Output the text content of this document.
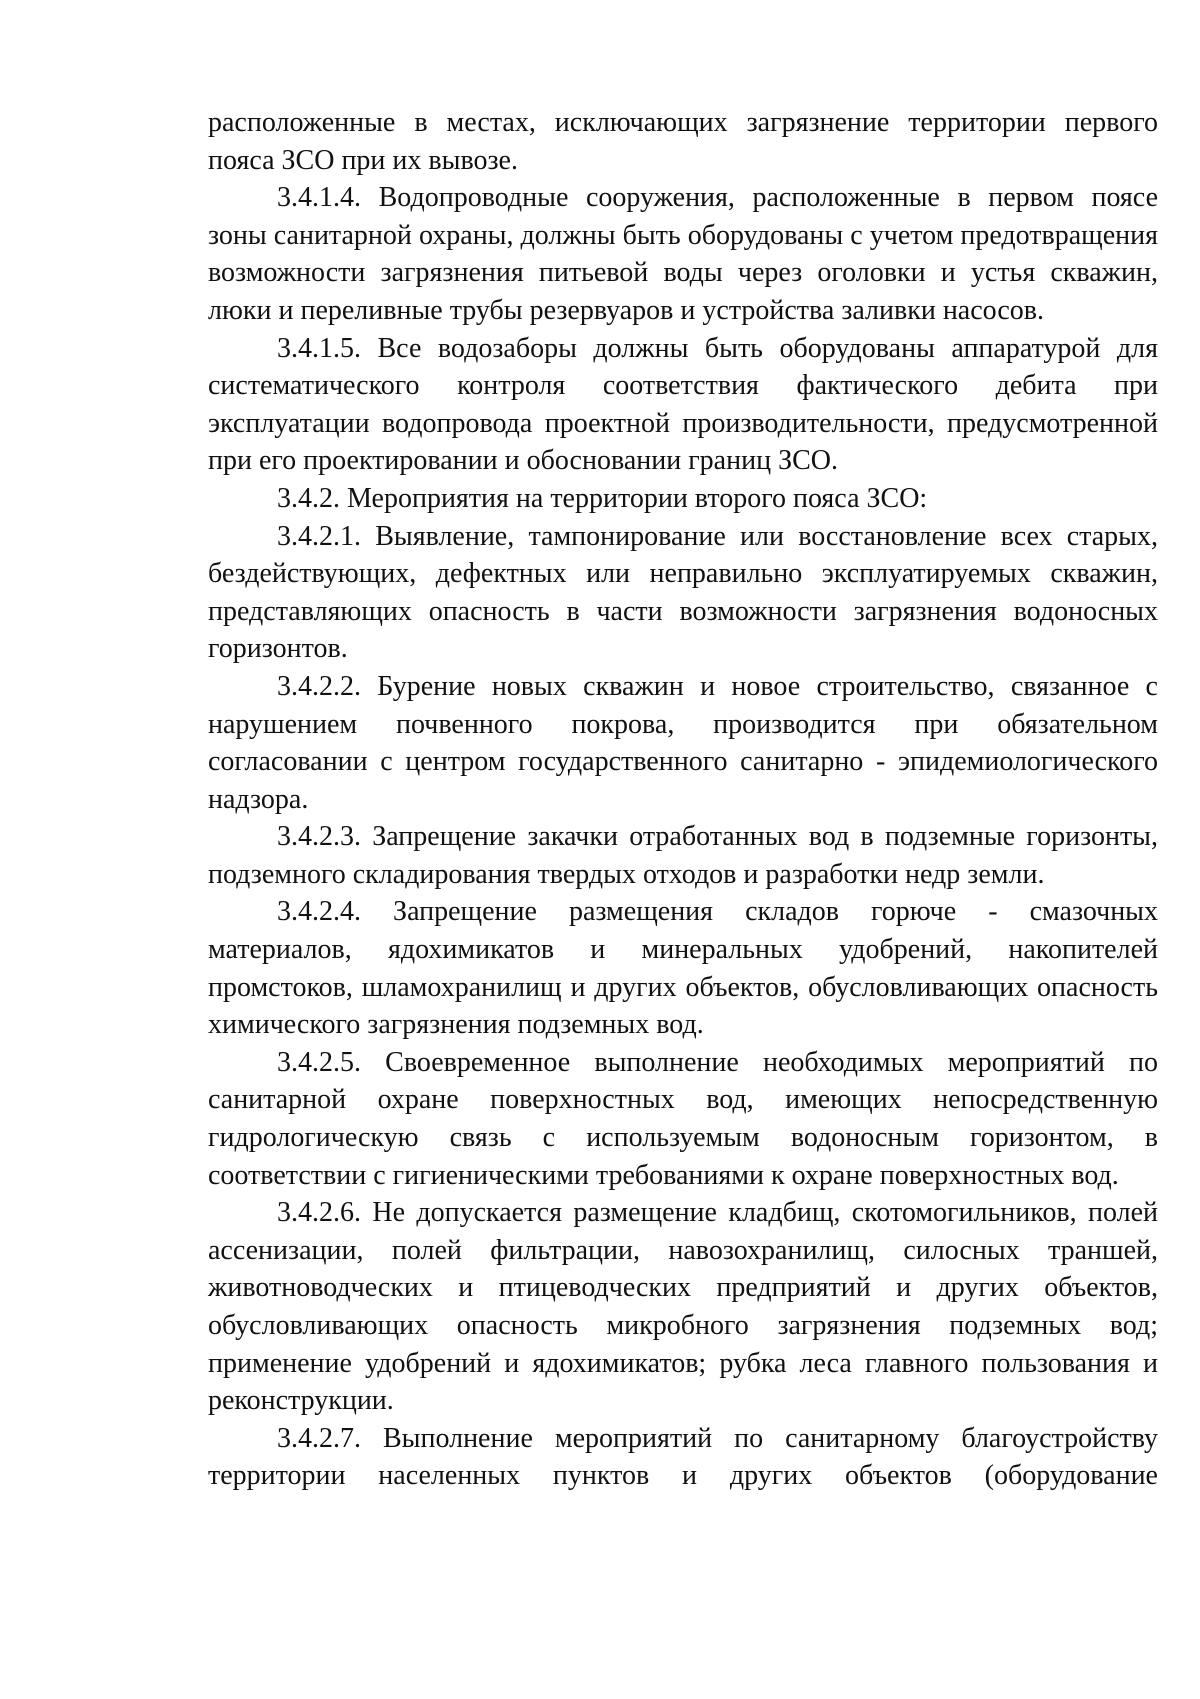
расположенные в местах, исключающих загрязнение территории первого пояса ЗСО при их вывозе.

3.4.1.4. Водопроводные сооружения, расположенные в первом поясе зоны санитарной охраны, должны быть оборудованы с учетом предотвращения возможности загрязнения питьевой воды через оголовки и устья скважин, люки и переливные трубы резервуаров и устройства заливки насосов.

3.4.1.5. Все водозаборы должны быть оборудованы аппаратурой для систематического контроля соответствия фактического дебита при эксплуатации водопровода проектной производительности, предусмотренной при его проектировании и обосновании границ ЗСО.

3.4.2. Мероприятия на территории второго пояса ЗСО:

3.4.2.1. Выявление, тампонирование или восстановление всех старых, бездействующих, дефектных или неправильно эксплуатируемых скважин, представляющих опасность в части возможности загрязнения водоносных горизонтов.

3.4.2.2. Бурение новых скважин и новое строительство, связанное с нарушением почвенного покрова, производится при обязательном согласовании с центром государственного санитарно - эпидемиологического надзора.

3.4.2.3. Запрещение закачки отработанных вод в подземные горизонты, подземного складирования твердых отходов и разработки недр земли.

3.4.2.4. Запрещение размещения складов горюче - смазочных материалов, ядохимикатов и минеральных удобрений, накопителей промстоков, шламохранилищ и других объектов, обусловливающих опасность химического загрязнения подземных вод.

3.4.2.5. Своевременное выполнение необходимых мероприятий по санитарной охране поверхностных вод, имеющих непосредственную гидрологическую связь с используемым водоносным горизонтом, в соответствии с гигиеническими требованиями к охране поверхностных вод.

3.4.2.6. Не допускается размещение кладбищ, скотомогильников, полей ассенизации, полей фильтрации, навозохранилищ, силосных траншей, животноводческих и птицеводческих предприятий и других объектов, обусловливающих опасность микробного загрязнения подземных вод; применение удобрений и ядохимикатов; рубка леса главного пользования и реконструкции.

3.4.2.7. Выполнение мероприятий по санитарному благоустройству территории населенных пунктов и других объектов (оборудование
